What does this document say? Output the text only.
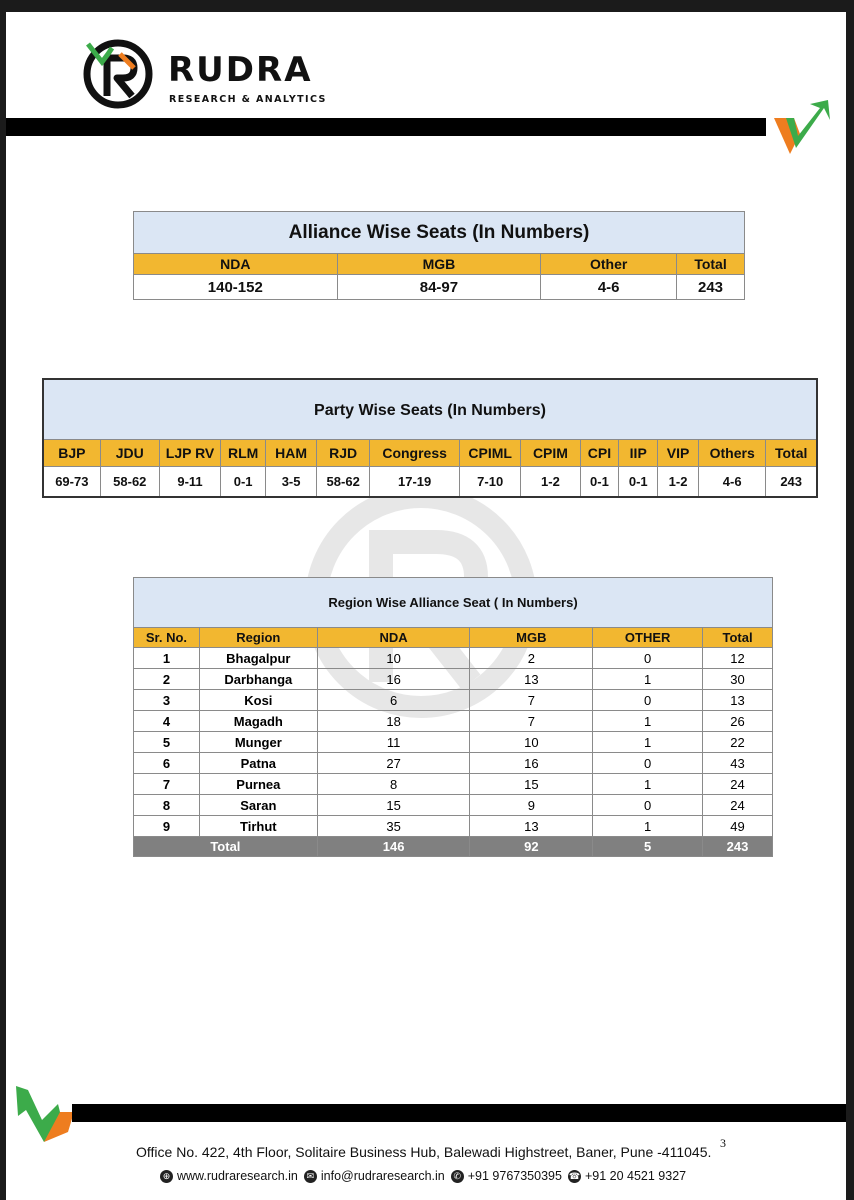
RUDRA
RESEARCH & ANALYTICS
Alliance Wise Seats (In Numbers)			
NDA	MGB	Other	Total
140-152	84-97	4-6	243
Party Wise Seats (In Numbers)													
BJP	JDU	LJP RV	RLM	HAM	RJD	Congress	CPIML	CPIM	CPI	IIP	VIP	Others	Total
69-73	58-62	9-11	0-1	3-5	58-62	17-19	7-10	1-2	0-1	0-1	1-2	4-6	243
Region Wise Alliance Seat ( In Numbers)					
Sr. No.	Region	NDA	MGB	OTHER	Total
1	Bhagalpur	10	2	0	12
2	Darbhanga	16	13	1	30
3	Kosi	6	7	0	13
4	Magadh	18	7	1	26
5	Munger	11	10	1	22
6	Patna	27	16	0	43
7	Purnea	8	15	1	24
8	Saran	15	9	0	24
9	Tirhut	35	13	1	49
Total		146	92	5	243
Office No. 422, 4th Floor, Solitaire Business Hub, Balewadi Highstreet, Baner, Pune -411045.
3
⊕ www.rudraresearch.in ✉ info@rudraresearch.in ✆ +91 9767350395 ☎ +91 20 4521 9327
